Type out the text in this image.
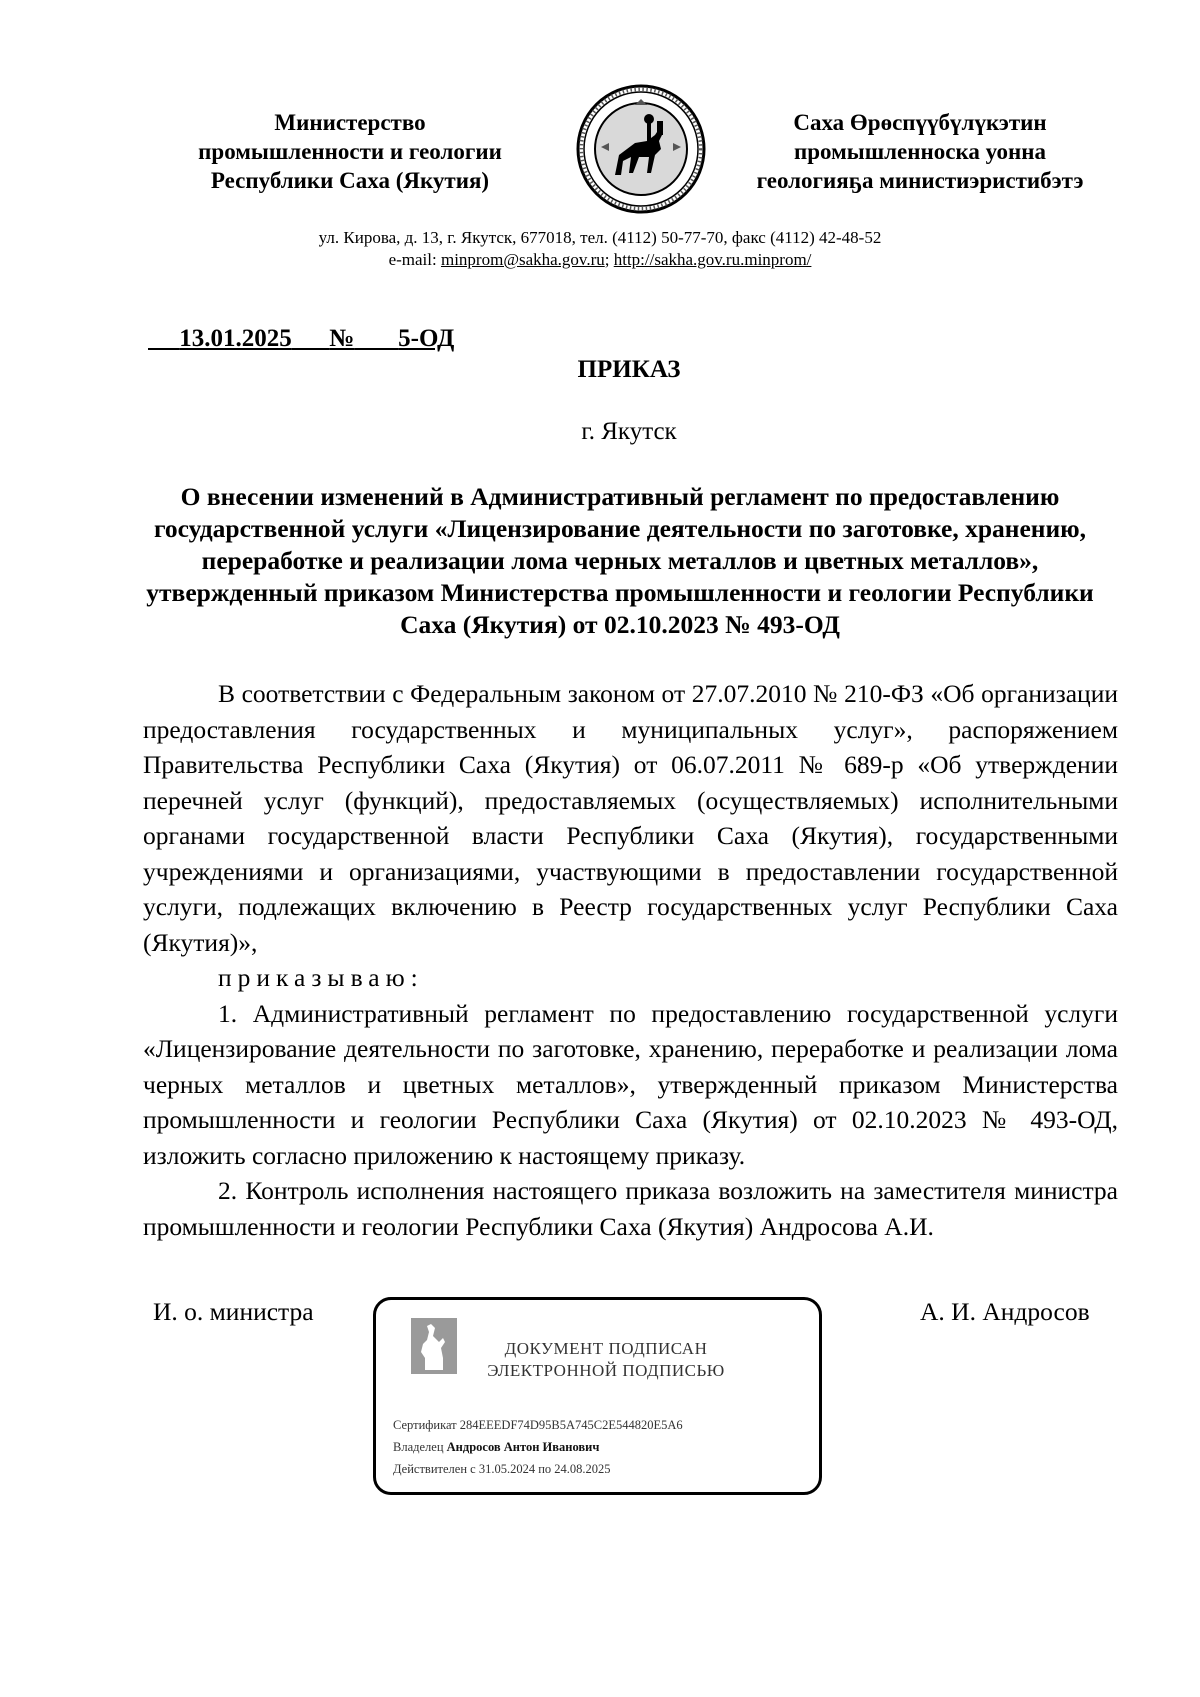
Министерство
промышленности и геологии
Республики Саха (Якутия)
Саха Өрөспүүбүлүкэтин
промышленноска уонна
геологияҕа министиэристибэтэ
ул. Кирова, д. 13, г. Якутск, 677018, тел. (4112) 50-77-70, факс (4112) 42-48-52
e-mail: minprom@sakha.gov.ru; http://sakha.gov.ru.minprom/
13.01.2025 № 5-ОД
ПРИКАЗ
г. Якутск
О внесении изменений в Административный регламент по предоставлению государственной услуги «Лицензирование деятельности по заготовке, хранению, переработке и реализации лома черных металлов и цветных металлов», утвержденный приказом Министерства промышленности и геологии Республики Саха (Якутия) от 02.10.2023 № 493-ОД

В соответствии с Федеральным законом от 27.07.2010 № 210-ФЗ «Об организации предоставления государственных и муниципальных услуг», распоряжением Правительства Республики Саха (Якутия) от 06.07.2011 № 689-р «Об утверждении перечней услуг (функций), предоставляемых (осуществляемых) исполнительными органами государственной власти Республики Саха (Якутия), государственными учреждениями и организациями, участвующими в предоставлении государственной услуги, подлежащих включению в Реестр государственных услуг Республики Саха (Якутия)»,

приказываю:

1. Административный регламент по предоставлению государственной услуги «Лицензирование деятельности по заготовке, хранению, переработке и реализации лома черных металлов и цветных металлов», утвержденный приказом Министерства промышленности и геологии Республики Саха (Якутия) от 02.10.2023 № 493-ОД, изложить согласно приложению к настоящему приказу.

2. Контроль исполнения настоящего приказа возложить на заместителя министра промышленности и геологии Республики Саха (Якутия) Андросова А.И.

И. о. министра	А. И. Андросов
ДОКУМЕНТ ПОДПИСАН
ЭЛЕКТРОННОЙ ПОДПИСЬЮ
Сертификат 284EEEDF74D95B5A745C2E544820E5A6
Владелец Андросов Антон Иванович
Действителен с 31.05.2024 по 24.08.2025
